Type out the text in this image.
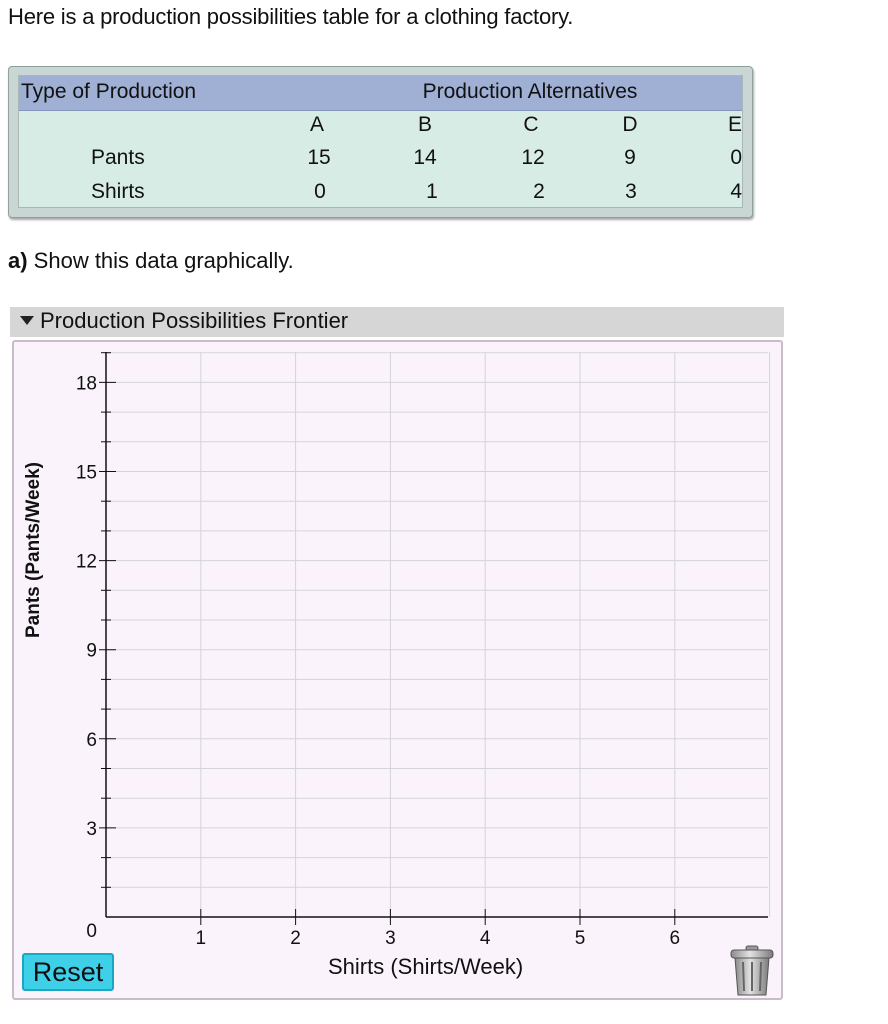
Here is a production possibilities table for a clothing factory.
Type of Production	Production Alternatives
A	B	C	D	E
Pants	15	14	12	9	0
Shirts	0	1	2	3	4
a) Show this data graphically.
Production Possibilities Frontier
3
6
9
12
15
18
1	2	3	4	5	6
0
Pants (Pants/Week)
Shirts (Shirts/Week)
Reset
